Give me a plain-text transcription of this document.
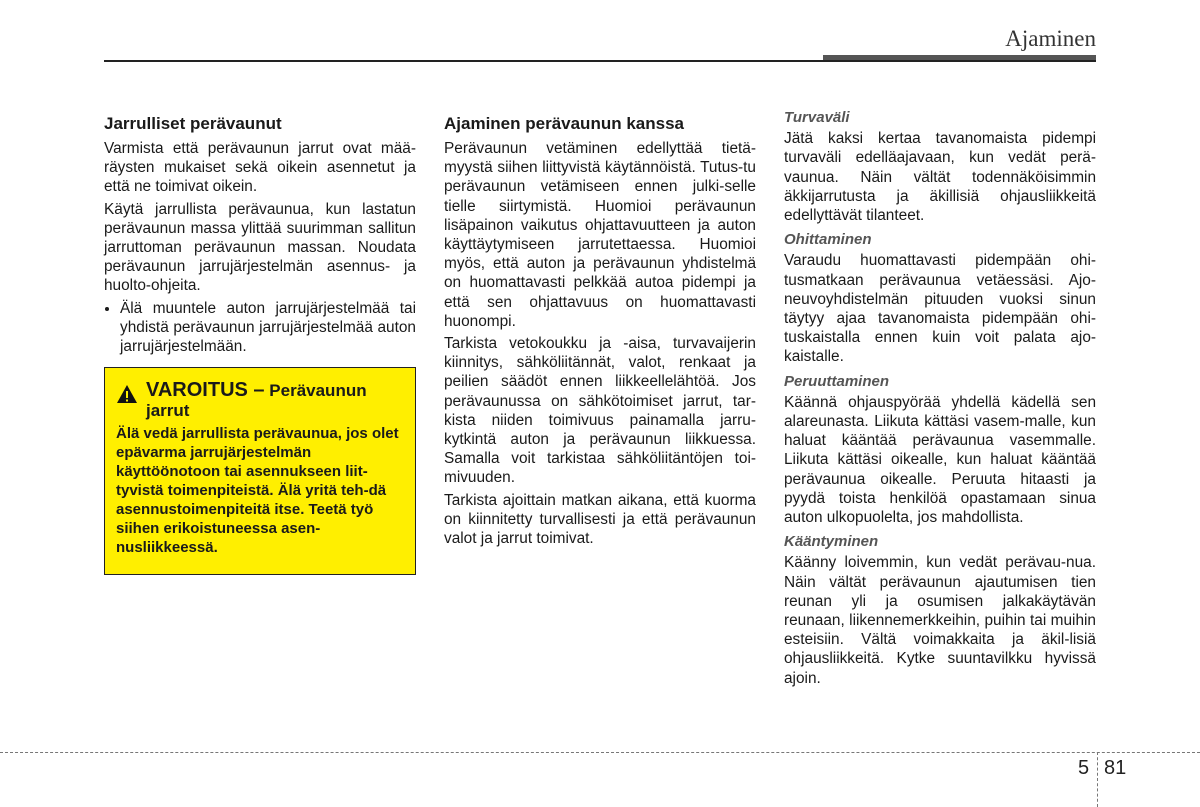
Ajaminen
Jarrulliset perävaunut

Varmista että perävaunun jarrut ovat mää-räysten mukaiset sekä oikein asennetut ja että ne toimivat oikein.

Käytä jarrullista perävaunua, kun lastatun perävaunun massa ylittää suurimman sallitun jarruttoman perävaunun massan. Noudata perävaunun jarrujärjestelmän asennus- ja huolto-ohjeita.

• Älä muuntele auton jarrujärjestelmää tai yhdistä perävaunun jarrujärjestelmää auton jarrujärjestelmään.
VAROITUS – Perävaunun jarrut
Älä vedä jarrullista perävaunua, jos olet epävarma jarrujärjestelmän käyttöönotoon tai asennukseen liit-tyvistä toimenpiteistä. Älä yritä teh-dä asennustoimenpiteitä itse. Teetä työ siihen erikoistuneessa asen-nusliikkeessä.
Ajaminen perävaunun kanssa

Perävaunun vetäminen edellyttää tietä-myystä siihen liittyvistä käytännöistä. Tutus-tu perävaunun vetämiseen ennen julki-selle tielle siirtymistä. Huomioi perävaunun lisäpainon vaikutus ohjattavuutteen ja auton käyttäytymiseen jarrutettaessa. Huomioi myös, että auton ja perävaunun yhdistelmä on huomattavasti pelkkää autoa pidempi ja että sen ohjattavuus on huomattavasti huonompi.

Tarkista vetokoukku ja -aisa, turvavaijerin kiinnitys, sähköliitännät, valot, renkaat ja peilien säädöt ennen liikkeellelähtöä. Jos perävaunussa on sähkötoimiset jarrut, tar-kista niiden toimivuus painamalla jarru-kytkintä auton ja perävaunun liikkuessa. Samalla voit tarkistaa sähköliitäntöjen toi-mivuuden.

Tarkista ajoittain matkan aikana, että kuorma on kiinnitetty turvallisesti ja että perävaunun valot ja jarrut toimivat.

Turvaväli

Jätä kaksi kertaa tavanomaista pidempi turvaväli edelläajavaan, kun vedät perä-vaunua. Näin vältät todennäköisimmin äkkijarrutusta ja äkillisiä ohjausliikkeitä edellyttävät tilanteet.

Ohittaminen

Varaudu huomattavasti pidempään ohi-tusmatkaan perävaunua vetäessäsi. Ajo-neuvoyhdistelmän pituuden vuoksi sinun täytyy ajaa tavanomaista pidempään ohi-tuskaistalla ennen kuin voit palata ajo-kaistalle.

Peruuttaminen

Käännä ohjauspyörää yhdellä kädellä sen alareunasta. Liikuta kättäsi vasem-malle, kun haluat kääntää perävaunua vasemmalle. Liikuta kättäsi oikealle, kun haluat kääntää perävaunua oikealle. Peruuta hitaasti ja pyydä toista henkilöä opastamaan sinua auton ulkopuolelta, jos mahdollista.

Kääntyminen

Käänny loivemmin, kun vedät perävau-nua. Näin vältät perävaunun ajautumisen tien reunan yli ja osumisen jalkakäytävän reunaan, liikennemerkkeihin, puihin tai muihin esteisiin. Vältä voimakkaita ja äkil-lisiä ohjausliikkeitä. Kytke suuntavilkku hyvissä ajoin.

5 81
